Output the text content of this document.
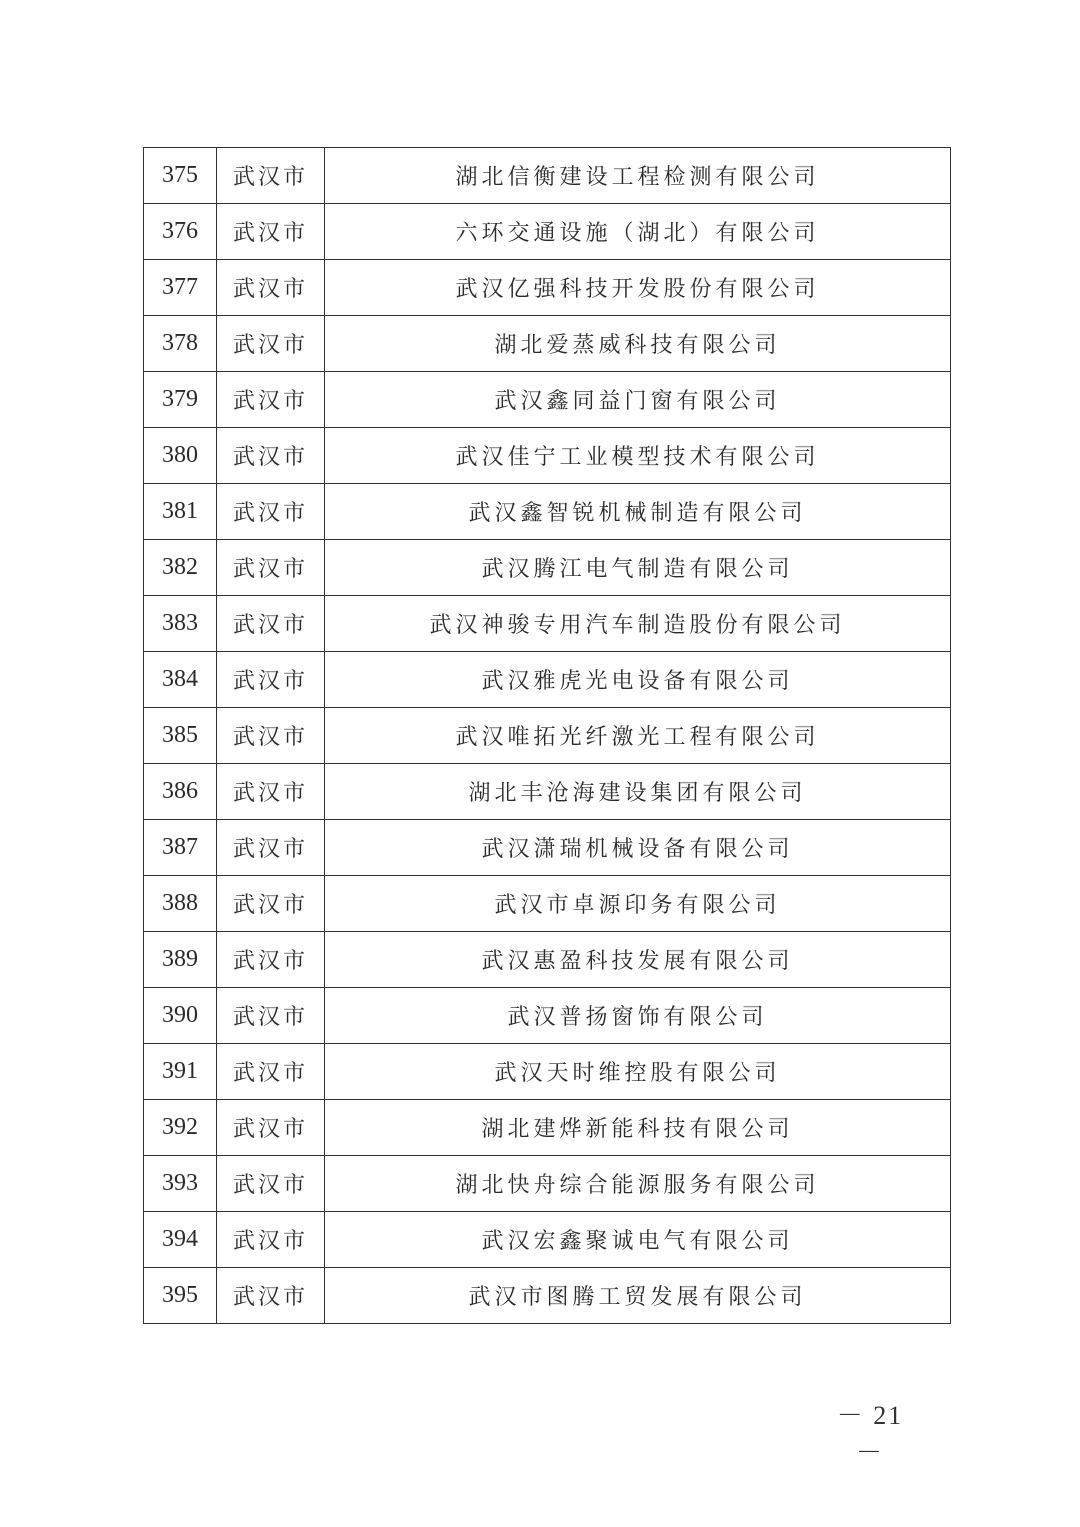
375	武汉市	湖北信衡建设工程检测有限公司
376	武汉市	六环交通设施（湖北）有限公司
377	武汉市	武汉亿强科技开发股份有限公司
378	武汉市	湖北爱蒸威科技有限公司
379	武汉市	武汉鑫同益门窗有限公司
380	武汉市	武汉佳宁工业模型技术有限公司
381	武汉市	武汉鑫智锐机械制造有限公司
382	武汉市	武汉腾江电气制造有限公司
383	武汉市	武汉神骏专用汽车制造股份有限公司
384	武汉市	武汉雅虎光电设备有限公司
385	武汉市	武汉唯拓光纤激光工程有限公司
386	武汉市	湖北丰沧海建设集团有限公司
387	武汉市	武汉潇瑞机械设备有限公司
388	武汉市	武汉市卓源印务有限公司
389	武汉市	武汉惠盈科技发展有限公司
390	武汉市	武汉普扬窗饰有限公司
391	武汉市	武汉天时维控股有限公司
392	武汉市	湖北建烨新能科技有限公司
393	武汉市	湖北快舟综合能源服务有限公司
394	武汉市	武汉宏鑫聚诚电气有限公司
395	武汉市	武汉市图腾工贸发展有限公司
－ 21 －
